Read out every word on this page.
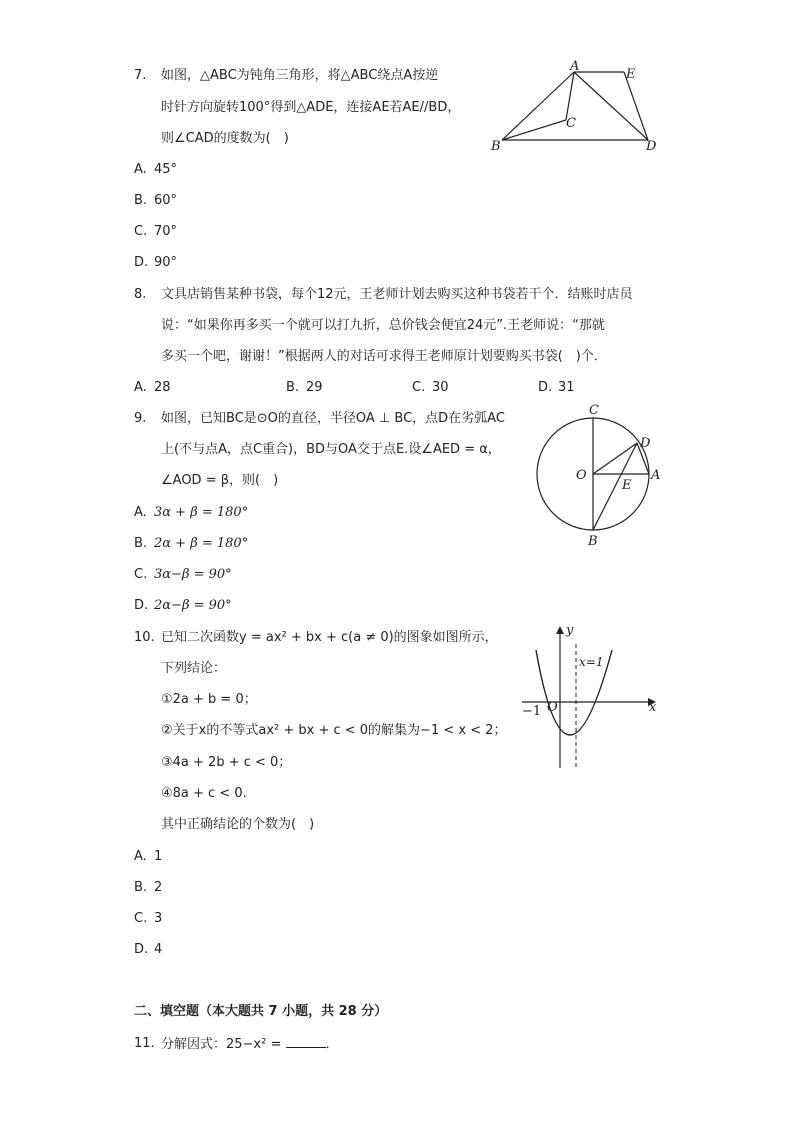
7. 如图，△ABC为钝角三角形，将△ABC绕点A按逆
时针方向旋转100°得到△ADE，连接AE若AE//BD，
则∠CAD的度数为(　)
A
E
B
C
D
A. 45°
B. 60°
C. 70°
D. 90°
8. 文具店销售某种书袋，每个12元，王老师计划去购买这种书袋若干个．结账时店员
说：“如果你再多买一个就可以打九折，总价钱会便宜24元”.王老师说：“那就
多买一个吧，谢谢！”根据两人的对话可求得王老师原计划要购买书袋(　)个．
A. 28	B. 29	C. 30	D. 31
9. 如图，已知BC是⊙O的直径，半径OA ⊥ BC，点D在劣弧AC
上(不与点A，点C重合)，BD与OA交于点E.设∠AED = α，
∠AOD = β，则(　)
C
D
O	A
E
B
A. 3α + β = 180°
B. 2α + β = 180°
C. 3α−β = 90°
D. 2α−β = 90°
10. 已知二次函数y = ax² + bx + c(a ≠ 0)的图象如图所示，
下列结论：
①2a + b = 0；
②关于x的不等式ax² + bx + c < 0的解集为−1 < x < 2；
③4a + 2b + c < 0；
④8a + c < 0.
其中正确结论的个数为(　)
y
x
x=1
−1 O
A. 1
B. 2
C. 3
D. 4
二、填空题（本大题共 7 小题，共 28 分）
11. 分解因式：25−x² =	．
